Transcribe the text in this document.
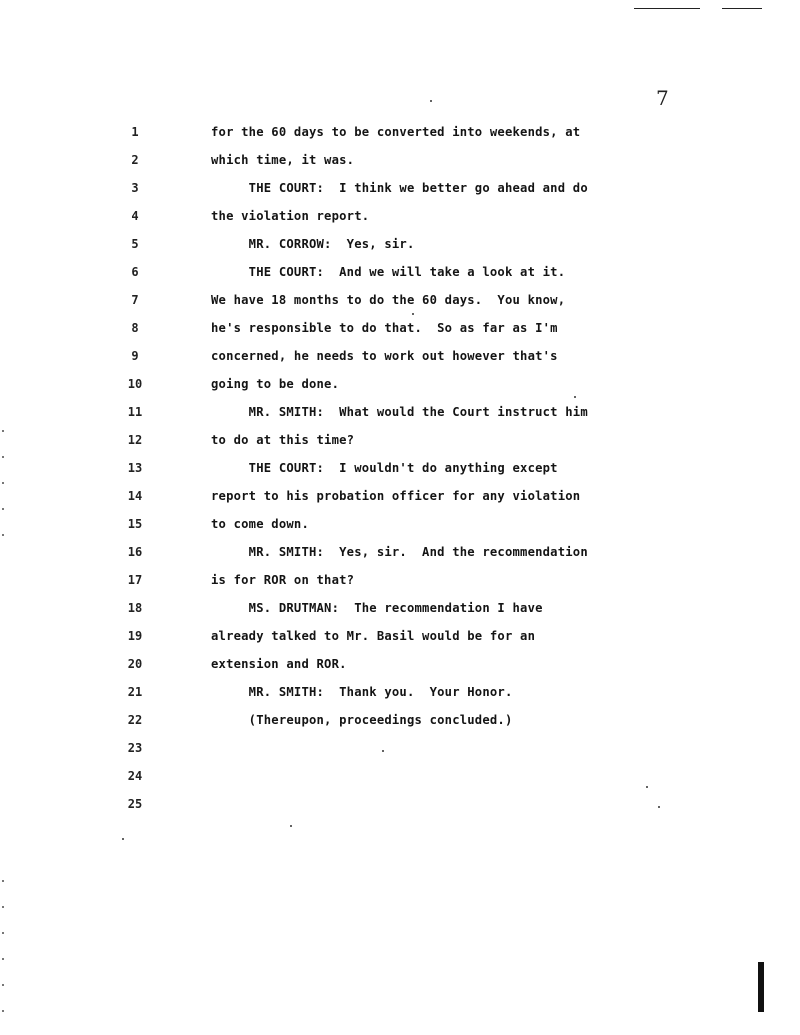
7
1	for the 60 days to be converted into weekends, at
2	which time, it was.
3	THE COURT:  I think we better go ahead and do
4	the violation report.
5	MR. CORROW:  Yes, sir.
6	THE COURT:  And we will take a look at it.
7	We have 18 months to do the 60 days.  You know,
8	he's responsible to do that.  So as far as I'm
9	concerned, he needs to work out however that's
10	going to be done.
11	MR. SMITH:  What would the Court instruct him
12	to do at this time?
13	THE COURT:  I wouldn't do anything except
14	report to his probation officer for any violation
15	to come down.
16	MR. SMITH:  Yes, sir.  And the recommendation
17	is for ROR on that?
18	MS. DRUTMAN:  The recommendation I have
19	already talked to Mr. Basil would be for an
20	extension and ROR.
21	MR. SMITH:  Thank you.  Your Honor.
22	(Thereupon, proceedings concluded.)
23
24
25
